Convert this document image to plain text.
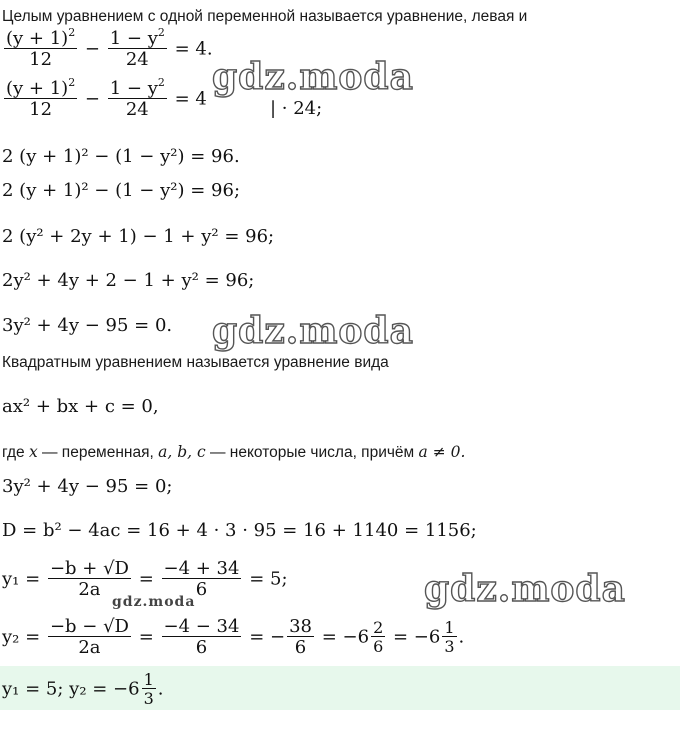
Целым уравнением с одной переменной называется уравнение, левая и
$\frac{(y + 1)^2}{12} - \frac{1 - y^2}{24} = 4$.
$\frac{(y + 1)^2}{12} - \frac{1 - y^2}{24} = 4$	| · 24;
2 (y + 1)² − (1 − y²) = 96.
2 (y + 1)² − (1 − y²) = 96;
2 (y² + 2y + 1) − 1 + y² = 96;
2y² + 4y + 2 − 1 + y² = 96;
3y² + 4y − 95 = 0.
Квадратным уравнением называется уравнение вида
ax² + bx + c = 0,
где x — переменная, a, b, c — некоторые числа, причём a ≠ 0.
3y² + 4y − 95 = 0;
D = b² − 4ac = 16 + 4 · 3 · 95 = 16 + 1140 = 1156;
$y_1 = \frac{-b + √D}{2a} = \frac{-4 + 34}{6} = 5$;
$y_2 = \frac{-b - √D}{2a} = \frac{-4 - 34}{6}$ = − $\frac{38}{6} = -6 \frac{2}{6} = -6 \frac{1}{3}$ .
y₁ = 5; $y_2 = -6 \frac{1}{3}$ .
gdz.moda
gdz.moda
gdz.moda
gdz.moda
